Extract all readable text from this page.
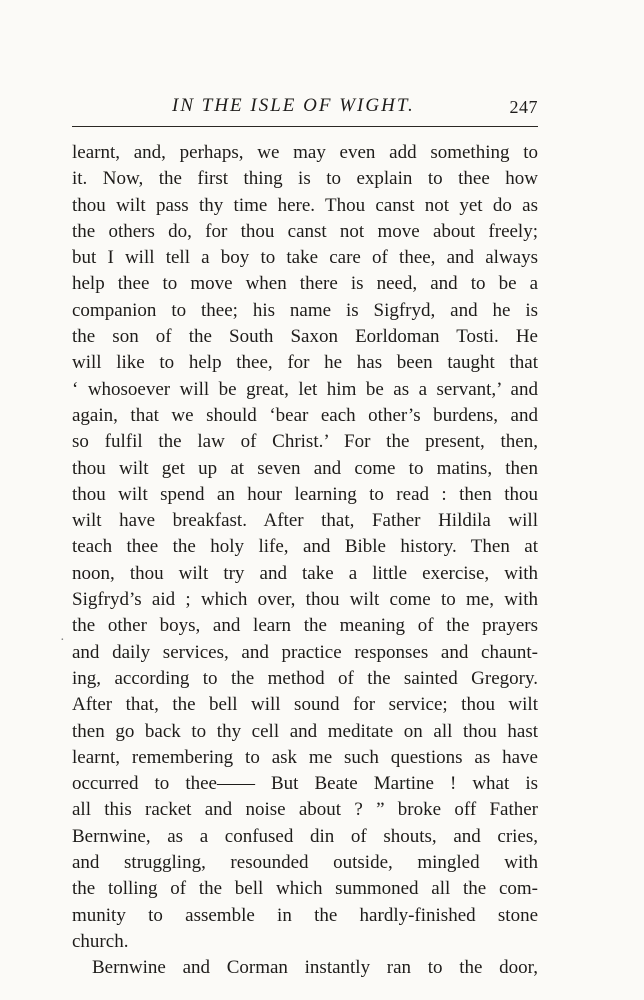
IN THE ISLE OF WIGHT.	247
learnt, and, perhaps, we may even add something to
it. Now, the first thing is to explain to thee how
thou wilt pass thy time here. Thou canst not yet do as
the others do, for thou canst not move about freely;
but I will tell a boy to take care of thee, and always
help thee to move when there is need, and to be a
companion to thee; his name is Sigfryd, and he is
the son of the South Saxon Eorldoman Tosti. He
will like to help thee, for he has been taught that
‘ whosoever will be great, let him be as a servant,’ and
again, that we should ‘bear each other’s burdens, and
so fulfil the law of Christ.’ For the present, then,
thou wilt get up at seven and come to matins, then
thou wilt spend an hour learning to read : then thou
wilt have breakfast. After that, Father Hildila will
teach thee the holy life, and Bible history. Then at
noon, thou wilt try and take a little exercise, with
Sigfryd’s aid ; which over, thou wilt come to me, with
the other boys, and learn the meaning of the prayers
and daily services, and practice responses and chaunt-
ing, according to the method of the sainted Gregory.
After that, the bell will sound for service; thou wilt
then go back to thy cell and meditate on all thou hast
learnt, remembering to ask me such questions as have
occurred to thee—— But Beate Martine ! what is
all this racket and noise about ? ” broke off Father
Bernwine, as a confused din of shouts, and cries,
and struggling, resounded outside, mingled with
the tolling of the bell which summoned all the com-
munity to assemble in the hardly-finished stone
church.
Bernwine and Corman instantly ran to the door,
·
